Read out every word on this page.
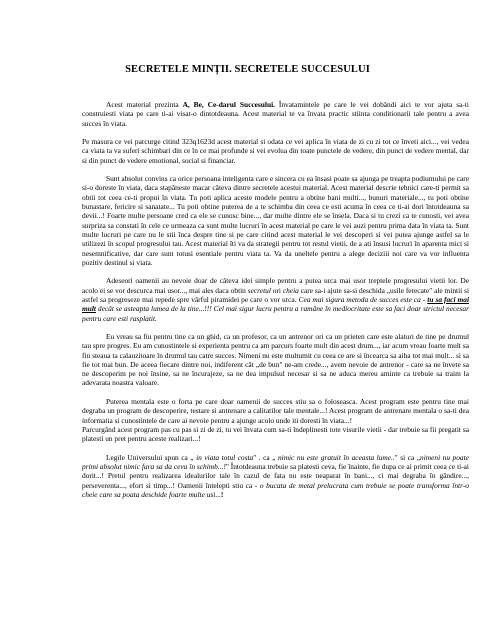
SECRETELE MINȚII. SECRETELE SUCCESULUI

Acest material prezinta A, Be, Ce-darul Succesului. Învatamintele pe care le vei dobândi aici te vor ajuta sa-ti construiesti viata pe care ti-ai visat-o dintotdeauna. Acest material te va învata practic stiinta conditionarii tale pentru a avea succes în viata.

Pe masura ce vei parcurge citind 323q1623d acest material si odata ce vei aplica în viata de zi cu zi tot ce înveti aici..., vei vedea ca viata ta va suferi schimbari din ce în ce mai profunde si vei evolua din toate punctele de vedere, din punct de vedere mental, dar si din punct de vedere emotional, social si financiar.

Sunt absolut convins ca orice persoana inteligenta care e sincera cu ea însasi poate sa ajunga pe treapta podiumului pe care si-o doreste în viata, daca stapâneste macar câteva dintre secretele acestui material. Acest material descrie tehnici care-ti permit sa obtii tot ceea ce-ti propui în viata. Tu poti aplica aceste modele pentru a obtine bani multi..., bunuri materiale..., tu poti obtine bunastare, fericire si sanatate... Tu poti obtine puterea de a te schimba din ceea ce esti acuma în ceea ce ti-ai dori întotdeauna sa devii...! Foarte multe persoane cred ca ele se cunosc bine..., dar multe dintre ele se însela. Daca si tu crezi ca te cunosti, vei avea surpriza sa constati în cele ce urmeaza ca sunt multe lucruri în acest material pe care le vei auzi pentru prima data în viata ta. Sunt multe lucruri pe care nu le stii înca despre tine si pe care citind acest material le vei descoperi si vei putea ajunge astfel sa le utilizezi în scopul progresului tau. Acest material îti va da strategii pentru tot restul vietii, de a ati însusi lucruri în aparenta mici si nesemnificative, dar care sunt totusi esentiale pentru viata ta. Va da uneltele pentru a alege deciziii noi care va vor influenta pozitiv destinul si viata.

Adeseori oamenii au nevoie doar de câteva idei simple pentru a putea urca mai usor treptele progresului vietii lor. De acolo ei se vor descurca mai usor..., mai ales daca obtin secretul ori cheia care sa-i ajute sa-si deschida „usile ferecate" ale mintii si astfel sa progreseze mai repede spre vârful piramidei pe care o vor urca. Cea mai sigura metoda de succes este ca - tu sa faci mai mult decât se asteapta lumea de la tine...!!! Cel mai sigur lucru pentru a ramâne în mediocritate este sa faci doar strictul necesar pentru care esti rasplatit.

Eu vreau sa fiu pentru tine ca un ghid, ca un profesor, ca un antrenor ori ca un prieten care este alaturi de tine pe drumul tau spre progres. Eu am cunostintele si experienta pentru ca am parcurs foarte mult din acest drum..., iar acum vreau foarte mult sa fiu steaua ta calauzitoare în drumul tau catre succes. Nimeni nu este multumit cu ceea ce are si încearca sa aiba tot mai mult... si sa fie tot mai bun. De aceea fiecare dintre noi, indiferent cât „de bun" ne-am crede..., avem nevoie de antrenor - care sa ne învete sa ne descoperim pe noi însine, sa ne încurajeze, sa ne dea impulsul necesar si sa ne aduca mereu aminte ca trebuie sa traim la adevarata noastra valoare.

Puterea mentala este o forta pe care doar oamenii de succes stiu sa o foloseasca. Acest program este pentru tine mai degraba un program de descoperire, testare si antrenare a calitatilor tale mentale...! Acest program de antrenare mentala o sa-ti dea informatia si cunostintele de care ai nevoie pentru a ajunge acolo unde iti doresti în viata...!

Parcurgând acest program pas cu pas si zi de zi, tu vei învata cum sa-ti îndeplinesti tote visurile vietii - dar trebuie sa fii pregatit sa platesti un pret pentru aceste realizari...!

Legile Universului spun ca „ in viata totul costa" . ca „ nimic nu este gratuit în aceasta lume.." si ca „nimeni nu poate primi absolut nimic fara sa da ceva în schimb...!" Întotdeauna trebuie sa platesti ceva, fie înainte, fie dupa ce ai primit ceea ce ti-ai dorit...! Pretul pentru realizarea idealurilor tale în cazul de fata nu este neaparat în bani..., ci mai degraba în gândire..., perseverenta..., efort si timp...! Oamenii întelepti stiu ca - o bucata de metal prelucrata cum trebuie se poate transforma într-o cheie care sa poata deschide foarte multe usi...!
